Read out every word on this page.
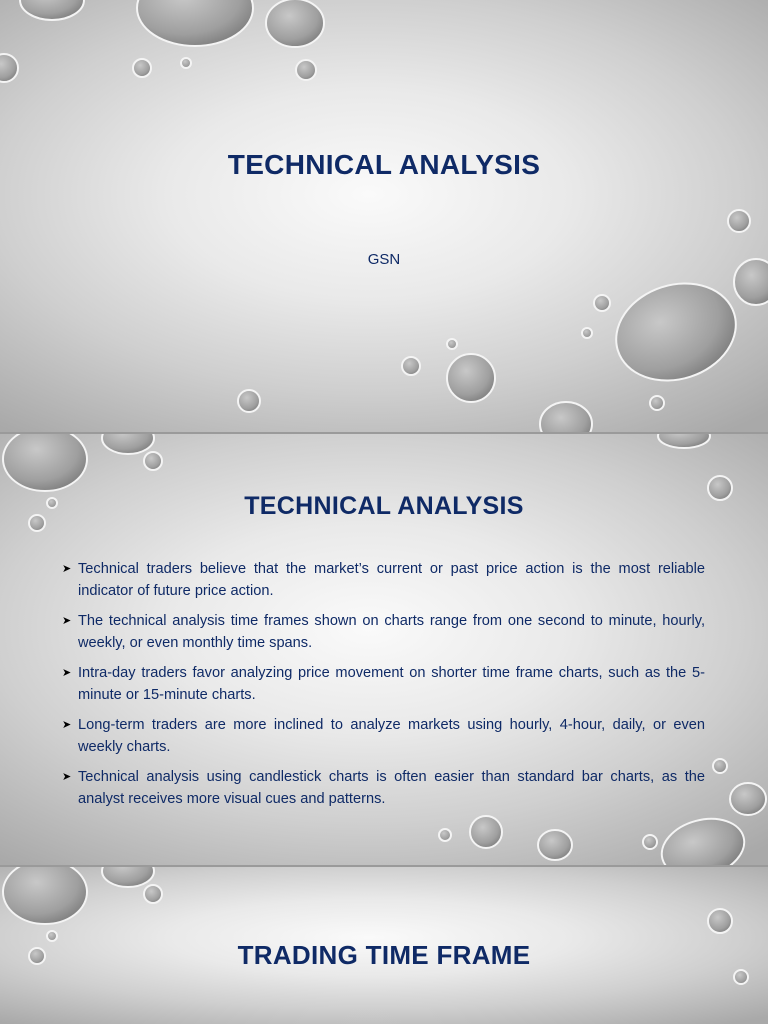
TECHNICAL ANALYSIS
GSN
TECHNICAL ANALYSIS
➤ Technical traders believe that the market’s current or past price action is the most reliable indicator of future price action.
➤ The technical analysis time frames shown on charts range from one second to minute, hourly, weekly, or even monthly time spans.
➤ Intra-day traders favor analyzing price movement on shorter time frame charts, such as the 5-minute or 15-minute charts.
➤ Long-term traders are more inclined to analyze markets using hourly, 4-hour, daily, or even weekly charts.
➤ Technical analysis using candlestick charts is often easier than standard bar charts, as the analyst receives more visual cues and patterns.
TRADING TIME FRAME
